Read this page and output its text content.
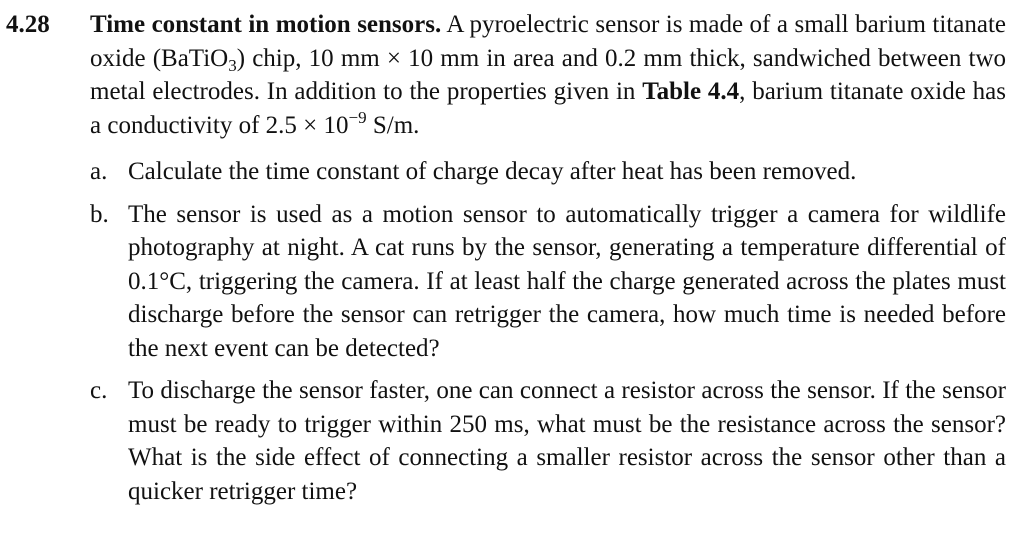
4.28 Time constant in motion sensors. A pyroelectric sensor is made of a small barium titanate oxide (BaTiO$_3$) chip, 10 mm × 10 mm in area and 0.2 mm thick, sandwiched between two metal electrodes. In addition to the properties given in Table 4.4, barium titanate oxide has a conductivity of $2.5 \times 10^{-9}$ S/m.
a. Calculate the time constant of charge decay after heat has been removed.
b. The sensor is used as a motion sensor to automatically trigger a camera for wildlife photography at night. A cat runs by the sensor, generating a temperature differential of 0.1°C, triggering the camera. If at least half the charge generated across the plates must discharge before the sensor can retrigger the camera, how much time is needed before the next event can be detected?
c. To discharge the sensor faster, one can connect a resistor across the sensor. If the sensor must be ready to trigger within 250 ms, what must be the resistance across the sensor? What is the side effect of connecting a smaller resistor across the sensor other than a quicker retrigger time?
